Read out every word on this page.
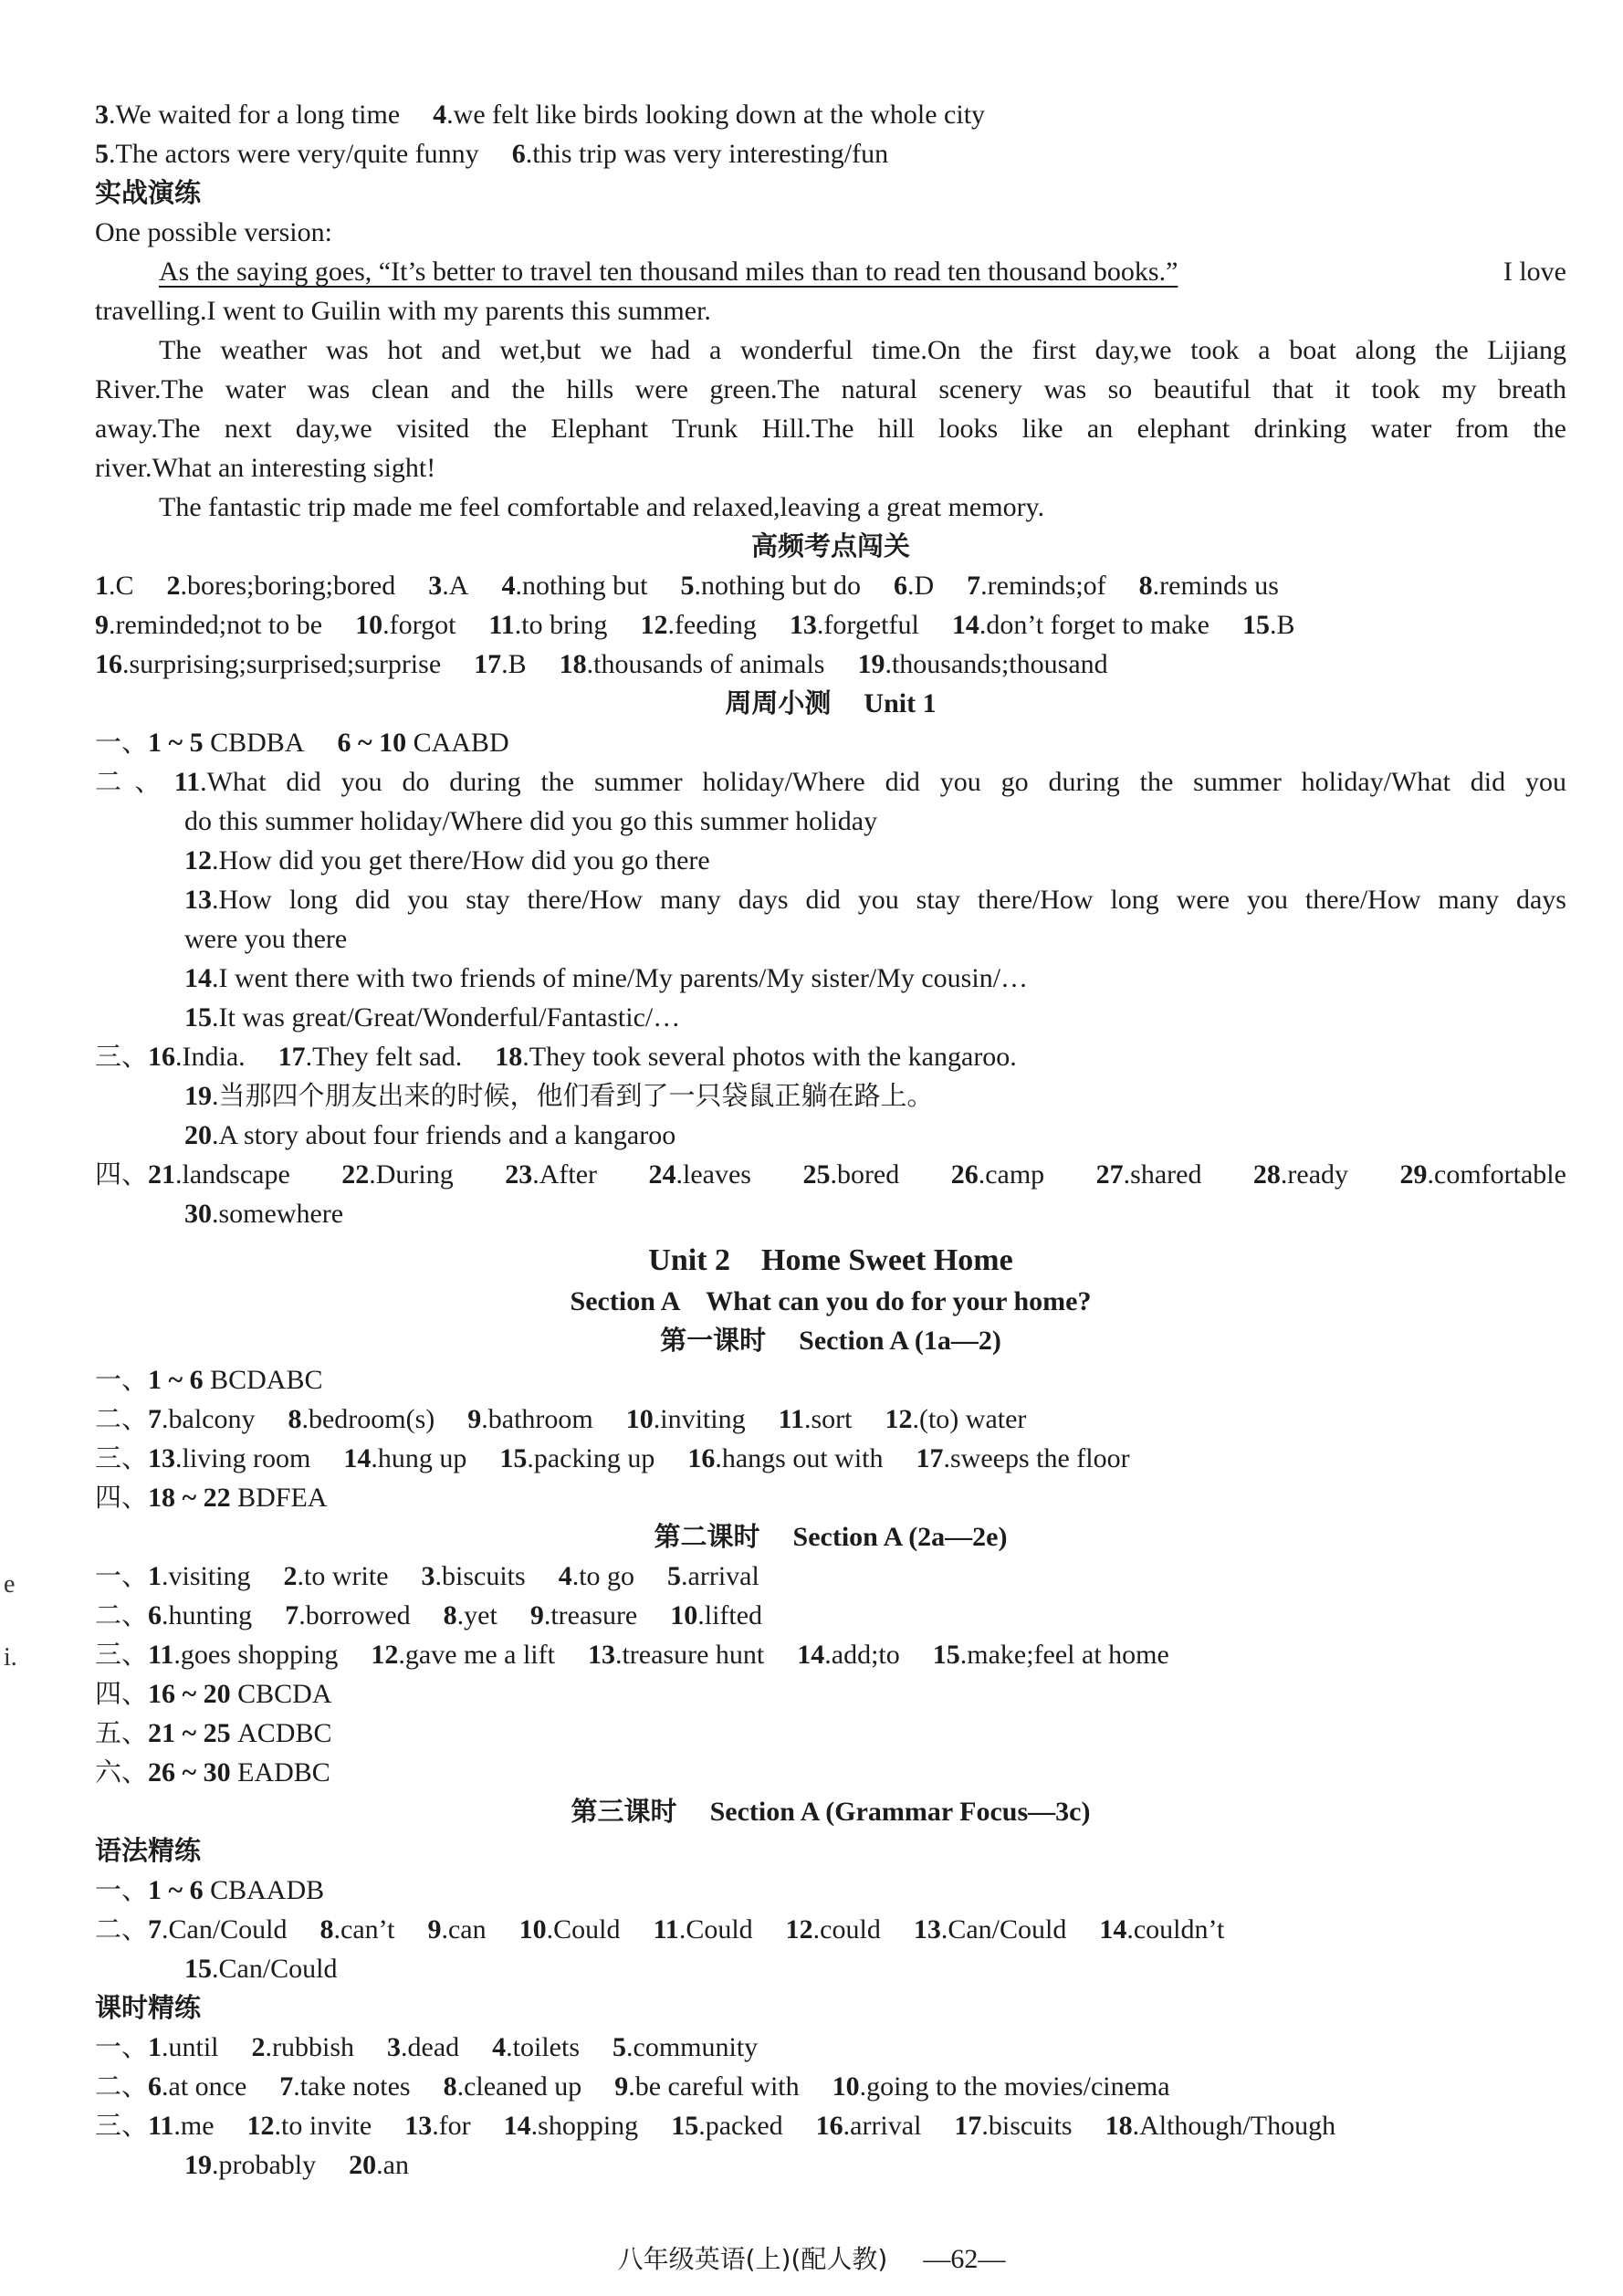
3.We waited for a long time 4.we felt like birds looking down at the whole city
5.The actors were very/quite funny 6.this trip was very interesting/fun
实战演练
One possible version:
As the saying goes, “It’s better to travel ten thousand miles than to read ten thousand books.”	I love
travelling.I went to Guilin with my parents this summer.
The weather was hot and wet,but we had a wonderful time.On the first day,we took a boat along the Lijiang
River.The water was clean and the hills were green.The natural scenery was so beautiful that it took my breath
away.The next day,we visited the Elephant Trunk Hill.The hill looks like an elephant drinking water from the
river.What an interesting sight!
The fantastic trip made me feel comfortable and relaxed,leaving a great memory.
高频考点闯关
1.C 2.bores;boring;bored 3.A 4.nothing but 5.nothing but do 6.D 7.reminds;of 8.reminds us
9.reminded;not to be 10.forgot 11.to bring 12.feeding 13.forgetful 14.don’t forget to make 15.B
16.surprising;surprised;surprise 17.B 18.thousands of animals 19.thousands;thousand
周周小测 Unit 1
一、1 ~ 5 CBDBA 6 ~ 10 CAABD
二、11.What did you do during the summer holiday/Where did you go during the summer holiday/What did you
do this summer holiday/Where did you go this summer holiday
12.How did you get there/How did you go there
13.How long did you stay there/How many days did you stay there/How long were you there/How many days
were you there
14.I went there with two friends of mine/My parents/My sister/My cousin/…
15.It was great/Great/Wonderful/Fantastic/…
三、16.India. 17.They felt sad. 18.They took several photos with the kangaroo.
19.当那四个朋友出来的时候，他们看到了一只袋鼠正躺在路上。
20.A story about four friends and a kangaroo
四、21.landscape 22.During 23.After 24.leaves 25.bored 26.camp 27.shared 28.ready 29.comfortable
30.somewhere
Unit 2    Home Sweet Home
Section A    What can you do for your home?
第一课时 Section A (1a—2)
一、1 ~ 6 BCDABC
二、7.balcony 8.bedroom(s) 9.bathroom 10.inviting 11.sort 12.(to) water
三、13.living room 14.hung up 15.packing up 16.hangs out with 17.sweeps the floor
四、18 ~ 22 BDFEA
第二课时 Section A (2a—2e)
一、1.visiting 2.to write 3.biscuits 4.to go 5.arrival
二、6.hunting 7.borrowed 8.yet 9.treasure 10.lifted
三、11.goes shopping 12.gave me a lift 13.treasure hunt 14.add;to 15.make;feel at home
四、16 ~ 20 CBCDA
五、21 ~ 25 ACDBC
六、26 ~ 30 EADBC
第三课时 Section A (Grammar Focus—3c)
语法精练
一、1 ~ 6 CBAADB
二、7.Can/Could 8.can’t 9.can 10.Could 11.Could 12.could 13.Can/Could 14.couldn’t
15.Can/Could
课时精练
一、1.until 2.rubbish 3.dead 4.toilets 5.community
二、6.at once 7.take notes 8.cleaned up 9.be careful with 10.going to the movies/cinema
三、11.me 12.to invite 13.for 14.shopping 15.packed 16.arrival 17.biscuits 18.Although/Though
19.probably 20.an
八年级英语(上)(配人教) —62—
e
i.
